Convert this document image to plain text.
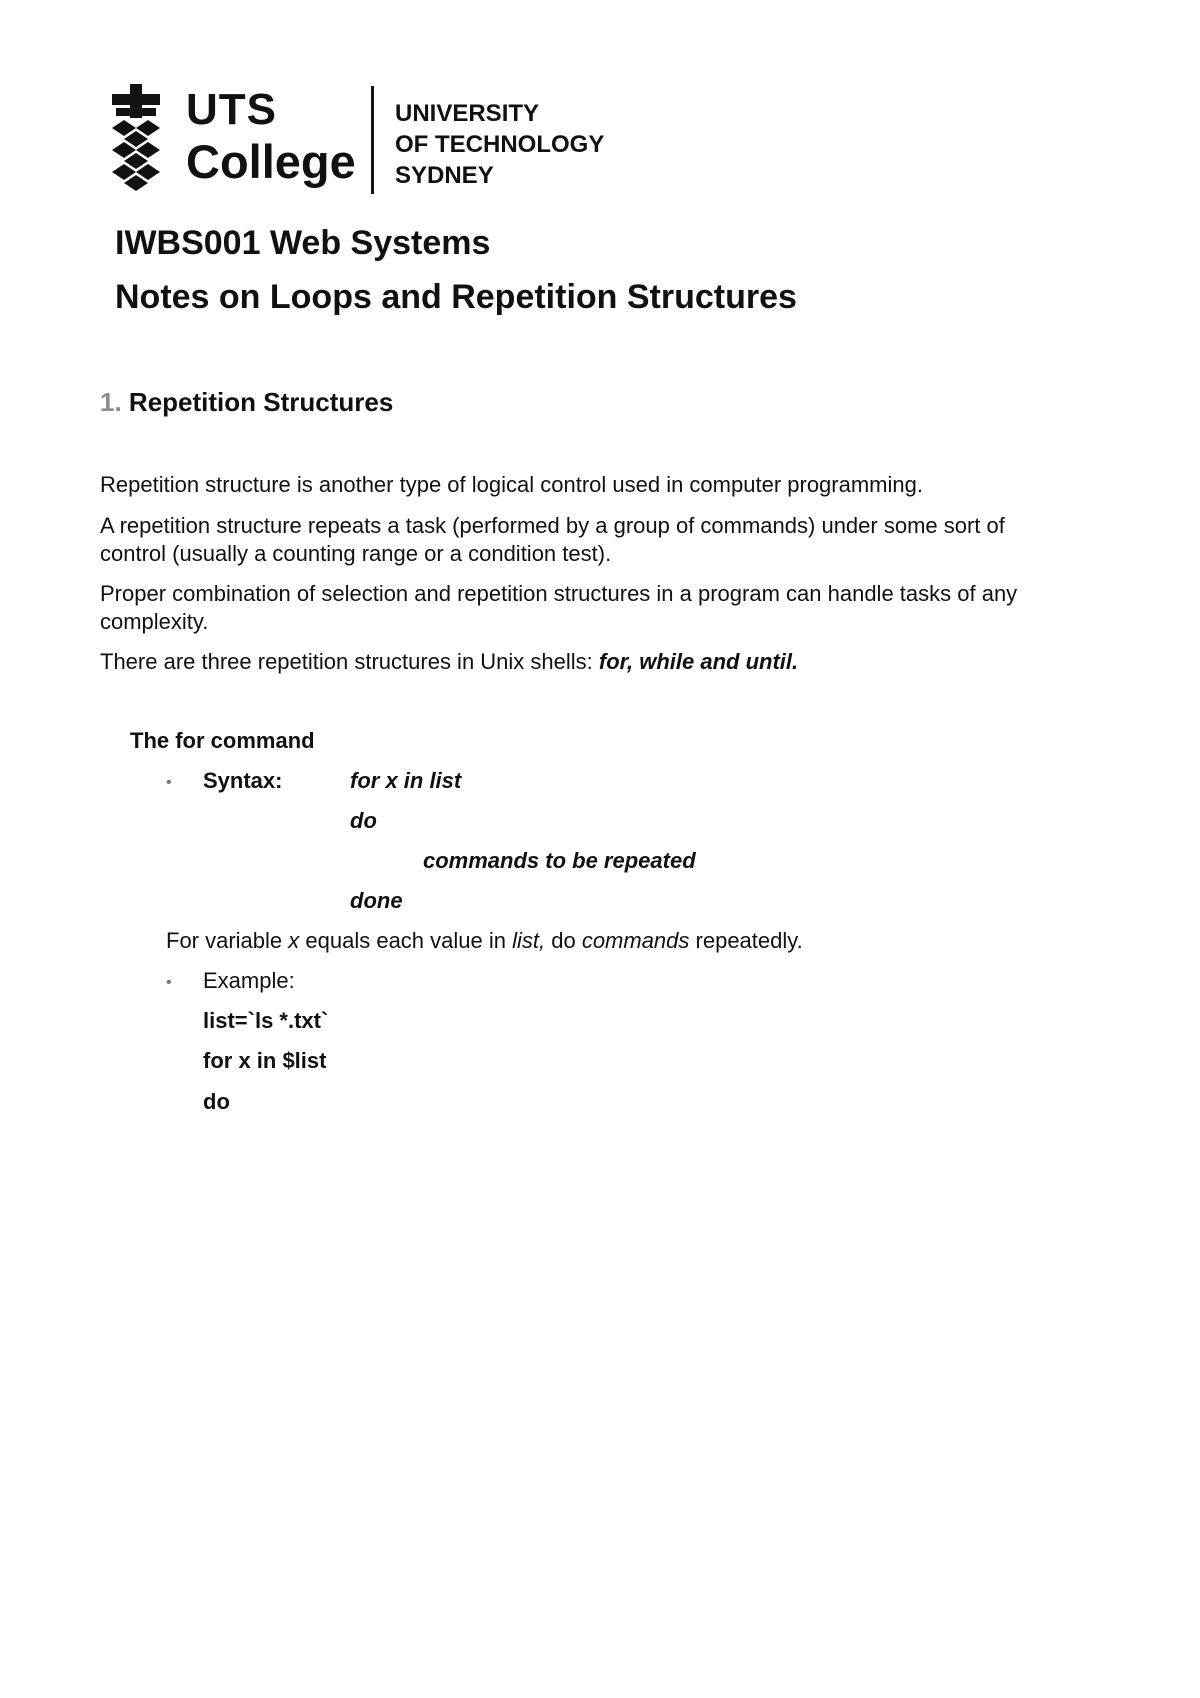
UTS
College
UNIVERSITY
OF TECHNOLOGY
SYDNEY
IWBS001 Web Systems
Notes on Loops and Repetition Structures
1. Repetition Structures
Repetition structure is another type of logical control used in computer programming.
A repetition structure repeats a task (performed by a group of commands) under some sort of control (usually a counting range or a condition test).
Proper combination of selection and repetition structures in a program can handle tasks of any complexity.
There are three repetition structures in Unix shells: for, while and until.
The for command
• Syntax:	for x in list
do
commands to be repeated
done
For variable x equals each value in list, do commands repeatedly.
• Example:
list=`ls *.txt`
for x in $list
do
